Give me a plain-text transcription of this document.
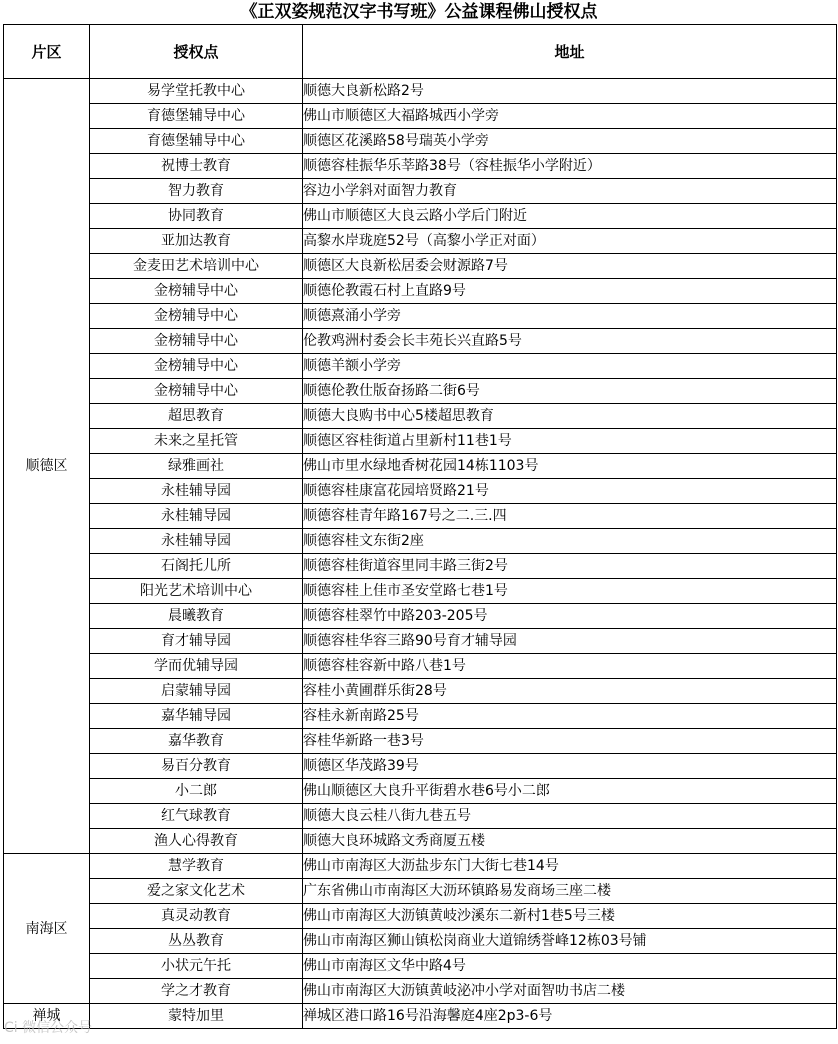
《正双姿规范汉字书写班》公益课程佛山授权点
片区	授权点	地址
顺德区	易学堂托教中心	顺德大良新松路2号
	育德堡辅导中心	佛山市顺德区大福路城西小学旁
	育德堡辅导中心	顺德区花溪路58号瑞英小学旁
	祝博士教育	顺德容桂振华乐莘路38号（容桂振华小学附近）
	智力教育	容边小学斜对面智力教育
	协同教育	佛山市顺德区大良云路小学后门附近
	亚加达教育	高黎水岸珑庭52号（高黎小学正对面）
	金麦田艺术培训中心	顺德区大良新松居委会财源路7号
	金榜辅导中心	顺德伦教霞石村上直路9号
	金榜辅导中心	顺德熹涌小学旁
	金榜辅导中心	伦教鸡洲村委会长丰苑长兴直路5号
	金榜辅导中心	顺德羊额小学旁
	金榜辅导中心	顺德伦教仕版奋扬路二街6号
	超思教育	顺德大良购书中心5楼超思教育
	未来之星托管	顺德区容桂街道占里新村11巷1号
	绿雅画社	佛山市里水绿地香树花园14栋1103号
	永桂辅导园	顺德容桂康富花园培贤路21号
	永桂辅导园	顺德容桂青年路167号之二.三.四
	永桂辅导园	顺德容桂文东街2座
	石阁托儿所	顺德容桂街道容里同丰路三街2号
	阳光艺术培训中心	顺德容桂上佳市圣安堂路七巷1号
	晨曦教育	顺德容桂翠竹中路203-205号
	育才辅导园	顺德容桂华容三路90号育才辅导园
	学而优辅导园	顺德容桂容新中路八巷1号
	启蒙辅导园	容桂小黄圃群乐街28号
	嘉华辅导园	容桂永新南路25号
	嘉华教育	容桂华新路一巷3号
	易百分教育	顺德区华茂路39号
	小二郎	佛山顺德区大良升平街碧水巷6号小二郎
	红气球教育	顺德大良云桂八街九巷五号
	渔人心得教育	顺德大良环城路文秀商厦五楼
南海区	慧学教育	佛山市南海区大沥盐步东门大街七巷14号
	爱之家文化艺术	广东省佛山市南海区大沥环镇路易发商场三座二楼
	真灵动教育	佛山市南海区大沥镇黄岐沙溪东二新村1巷5号三楼
	丛丛教育	佛山市南海区狮山镇松岗商业大道锦绣誉峰12栋03号铺
	小状元午托	佛山市南海区文华中路4号
	学之才教育	佛山市南海区大沥镇黄岐泌冲小学对面智叻书店二楼
禅城	蒙特加里	禅城区港口路16号沿海馨庭4座2p3-6号
Ci 微信公众号
